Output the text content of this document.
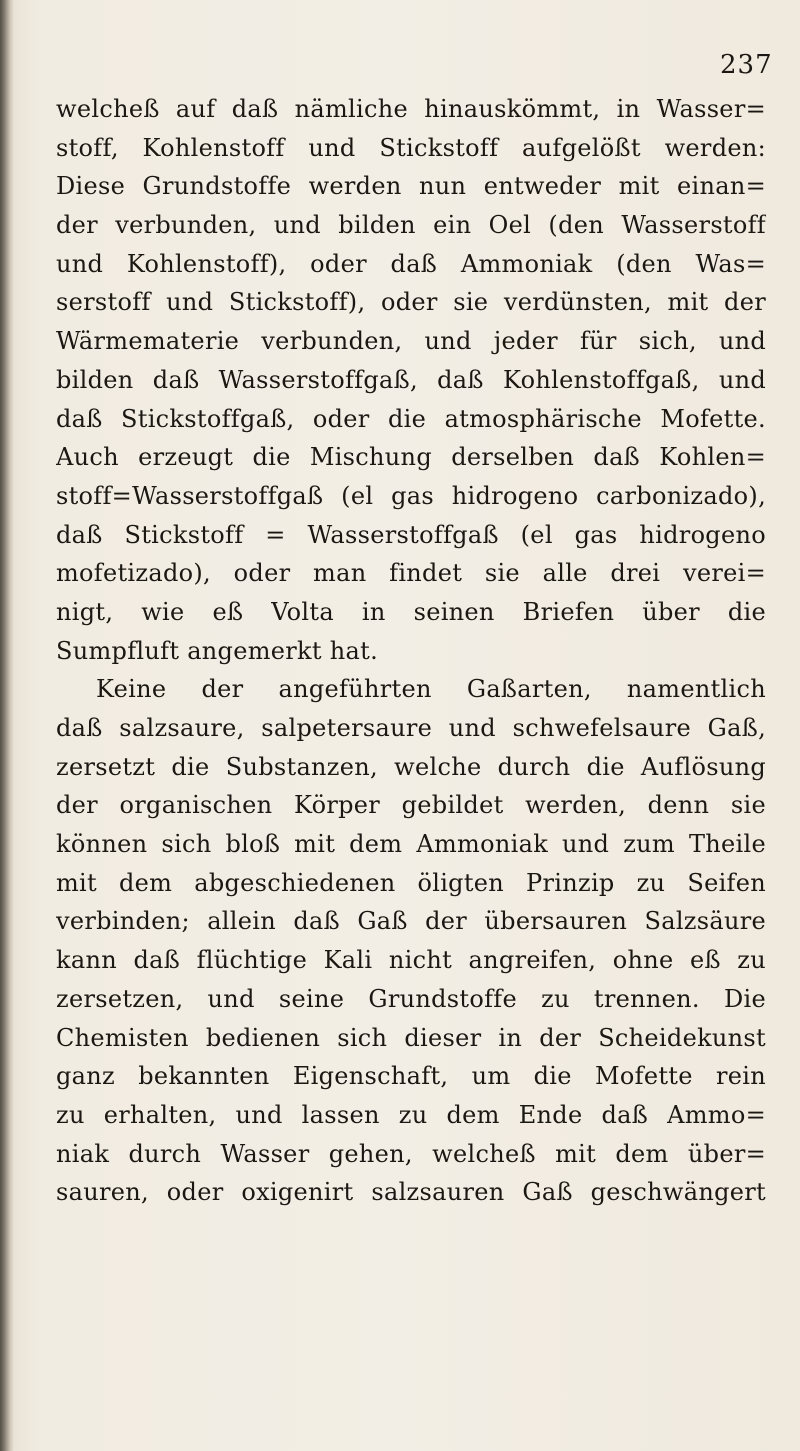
237
welcheß auf daß nämliche hinauskömmt, in Wasser=
stoff, Kohlenstoff und Stickstoff aufgelößt werden:
Diese Grundstoffe werden nun entweder mit einan=
der verbunden, und bilden ein Oel (den Wasserstoff
und Kohlenstoff), oder daß Ammoniak (den Was=
serstoff und Stickstoff), oder sie verdünsten, mit der
Wärmematerie verbunden, und jeder für sich, und
bilden daß Wasserstoffgaß, daß Kohlenstoffgaß, und
daß Stickstoffgaß, oder die atmosphärische Mofette.
Auch erzeugt die Mischung derselben daß Kohlen=
stoff=Wasserstoffgaß (el gas hidrogeno carbonizado),
daß Stickstoff = Wasserstoffgaß (el gas hidrogeno
mofetizado), oder man findet sie alle drei verei=
nigt, wie eß Volta in seinen Briefen über die
Sumpfluft angemerkt hat.
Keine der angeführten Gaßarten, namentlich
daß salzsaure, salpetersaure und schwefelsaure Gaß,
zersetzt die Substanzen, welche durch die Auflösung
der organischen Körper gebildet werden, denn sie
können sich bloß mit dem Ammoniak und zum Theile
mit dem abgeschiedenen öligten Prinzip zu Seifen
verbinden; allein daß Gaß der übersauren Salzsäure
kann daß flüchtige Kali nicht angreifen, ohne eß zu
zersetzen, und seine Grundstoffe zu trennen. Die
Chemisten bedienen sich dieser in der Scheidekunst
ganz bekannten Eigenschaft, um die Mofette rein
zu erhalten, und lassen zu dem Ende daß Ammo=
niak durch Wasser gehen, welcheß mit dem über=
sauren, oder oxigenirt salzsauren Gaß geschwängert
